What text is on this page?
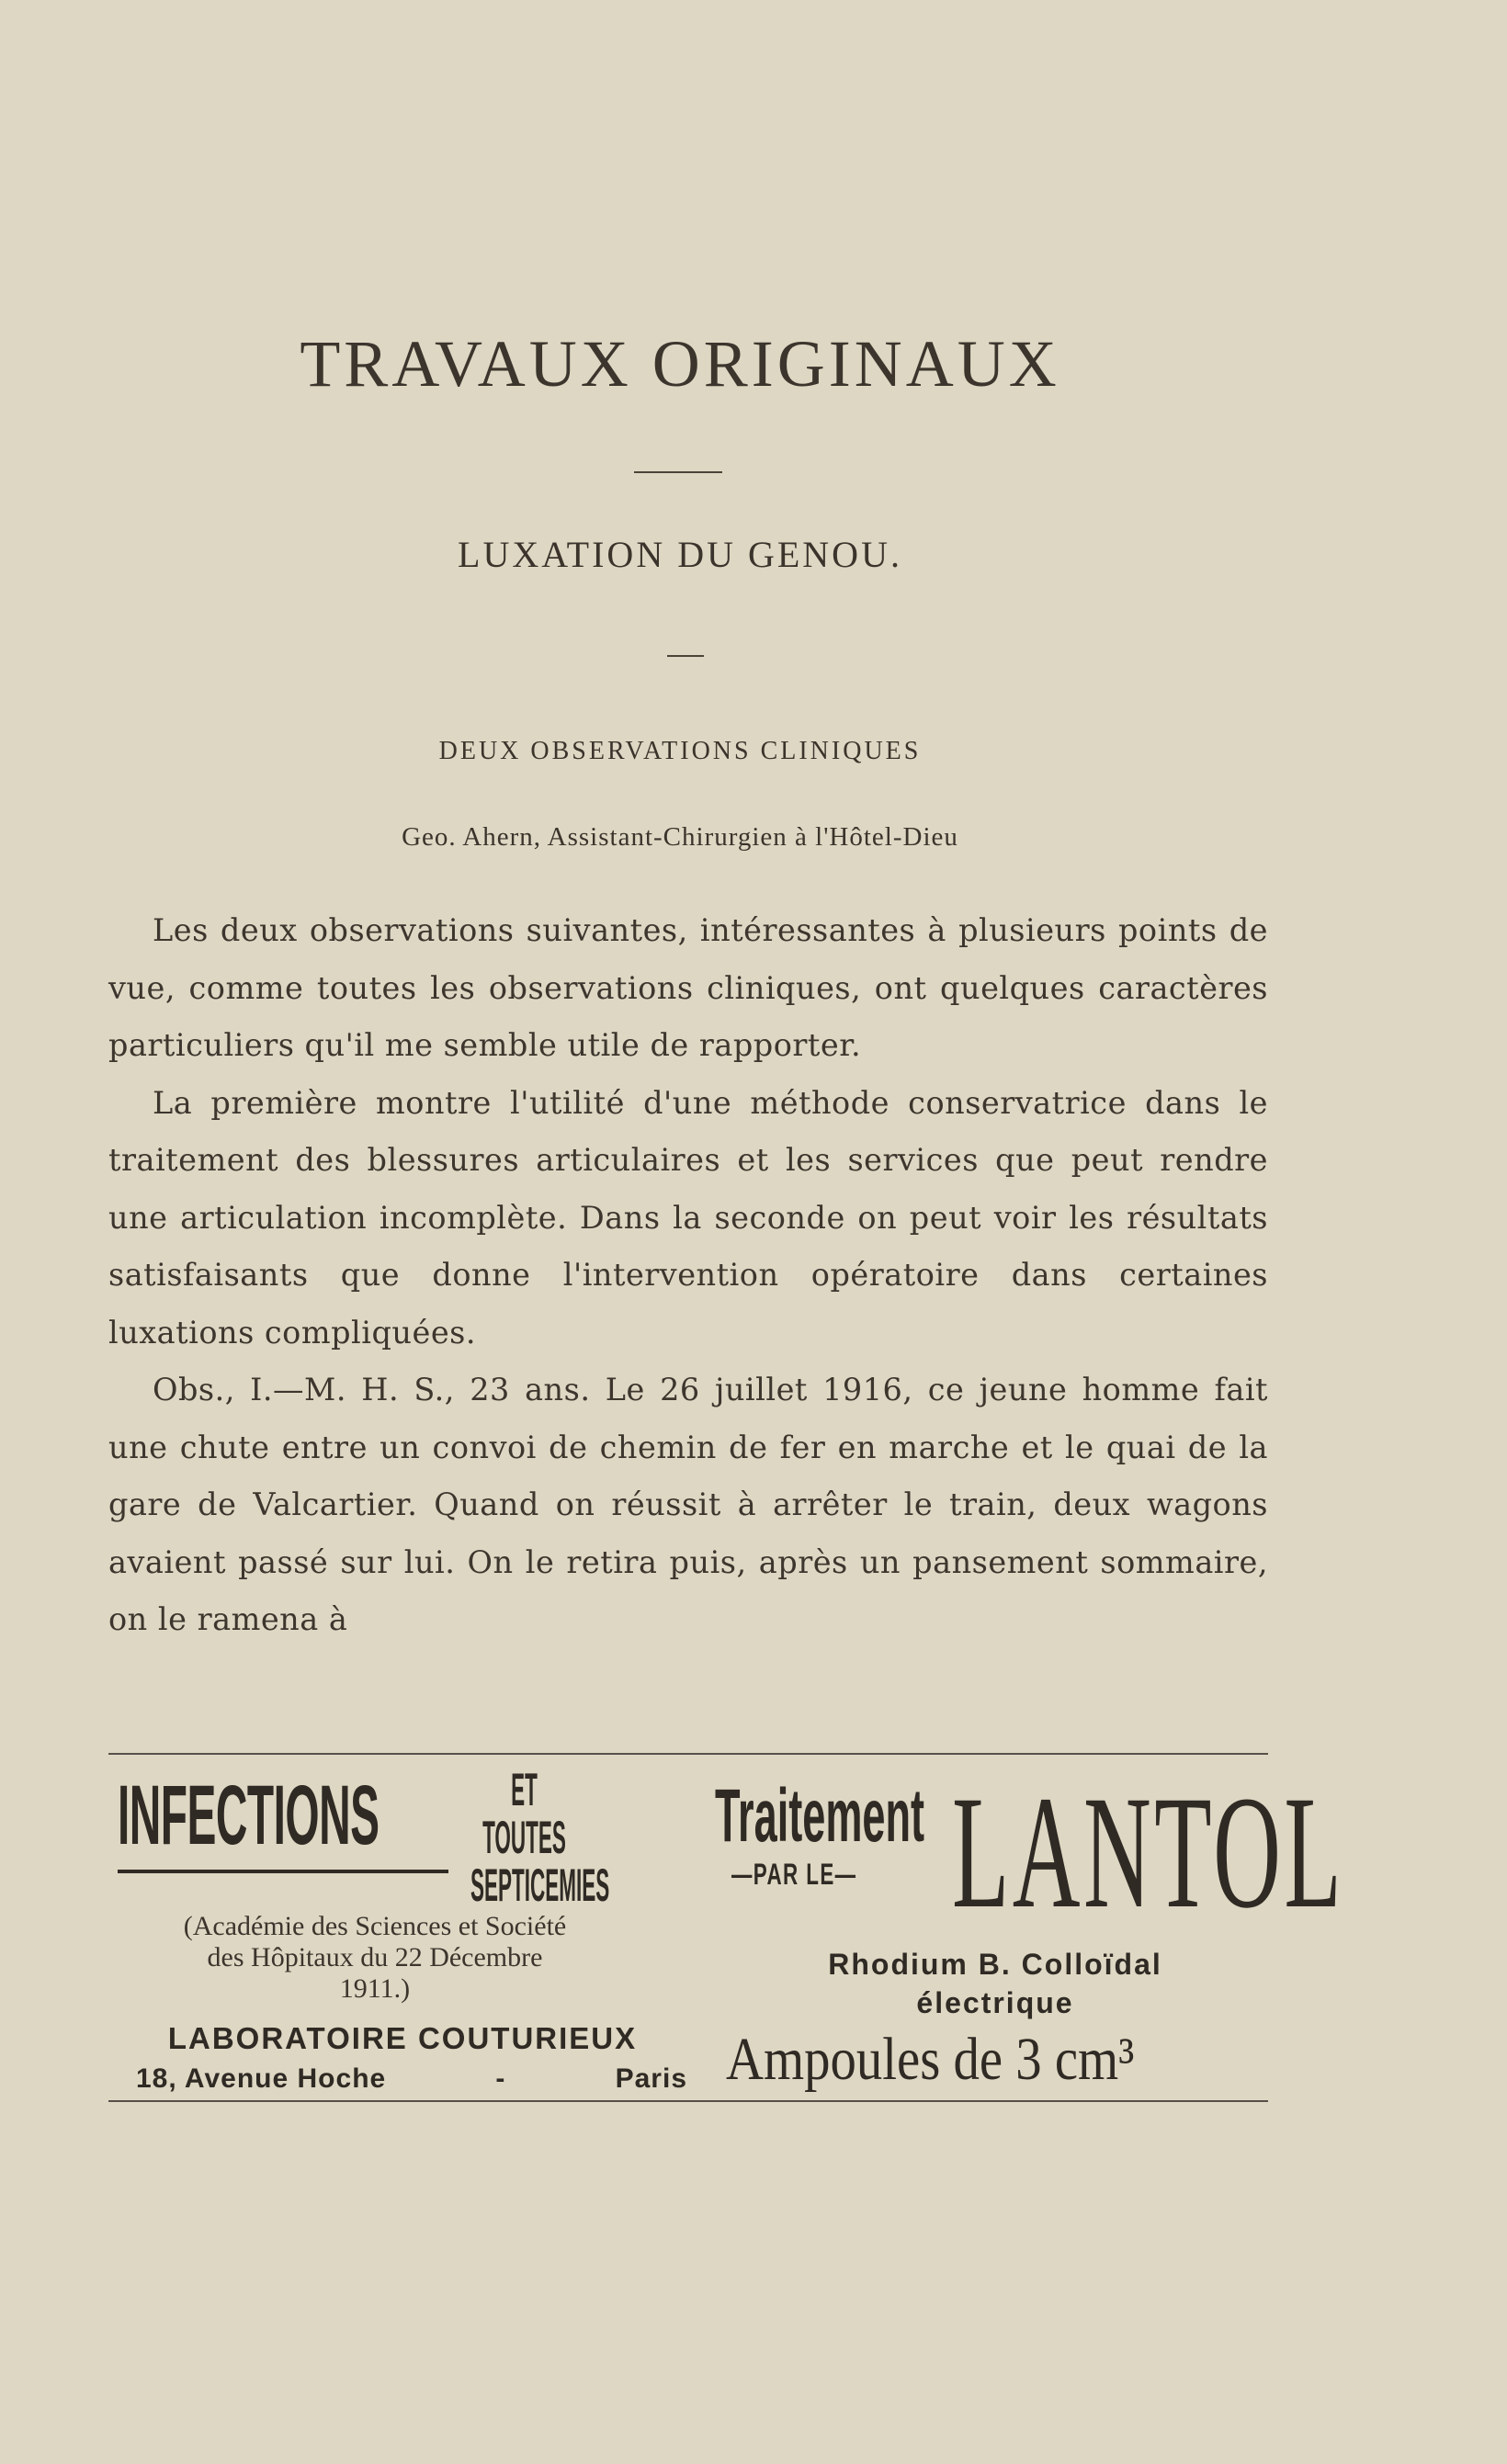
TRAVAUX ORIGINAUX
LUXATION DU GENOU.
DEUX OBSERVATIONS CLINIQUES
Geo. Ahern, Assistant-Chirurgien à l'Hôtel-Dieu

Les deux observations suivantes, intéressantes à plusieurs points de vue, comme toutes les observations cliniques, ont quelques caractères particuliers qu'il me semble utile de rapporter.

La première montre l'utilité d'une méthode conservatrice dans le traitement des blessures articulaires et les services que peut rendre une articulation incomplète. Dans la seconde on peut voir les résultats satisfaisants que donne l'intervention opératoire dans certaines luxations compliquées.

Obs., I.—M. H. S., 23 ans. Le 26 juillet 1916, ce jeune homme fait une chute entre un convoi de chemin de fer en marche et le quai de la gare de Valcartier. Quand on réussit à arrêter le train, deux wagons avaient passé sur lui. On le retira puis, après un pansement sommaire, on le ramena à

INFECTIONS	ET TOUTES
SEPTICEMIES
(Académie des Sciences et Société
des Hôpitaux du 22 Décembre
1911.)
LABORATOIRE COUTURIEUX
18, Avenue Hoche	-	Paris
Traitement
—PAR LE— LANTOL
Rhodium B. Colloïdal
électrique
Ampoules de 3 cm³
